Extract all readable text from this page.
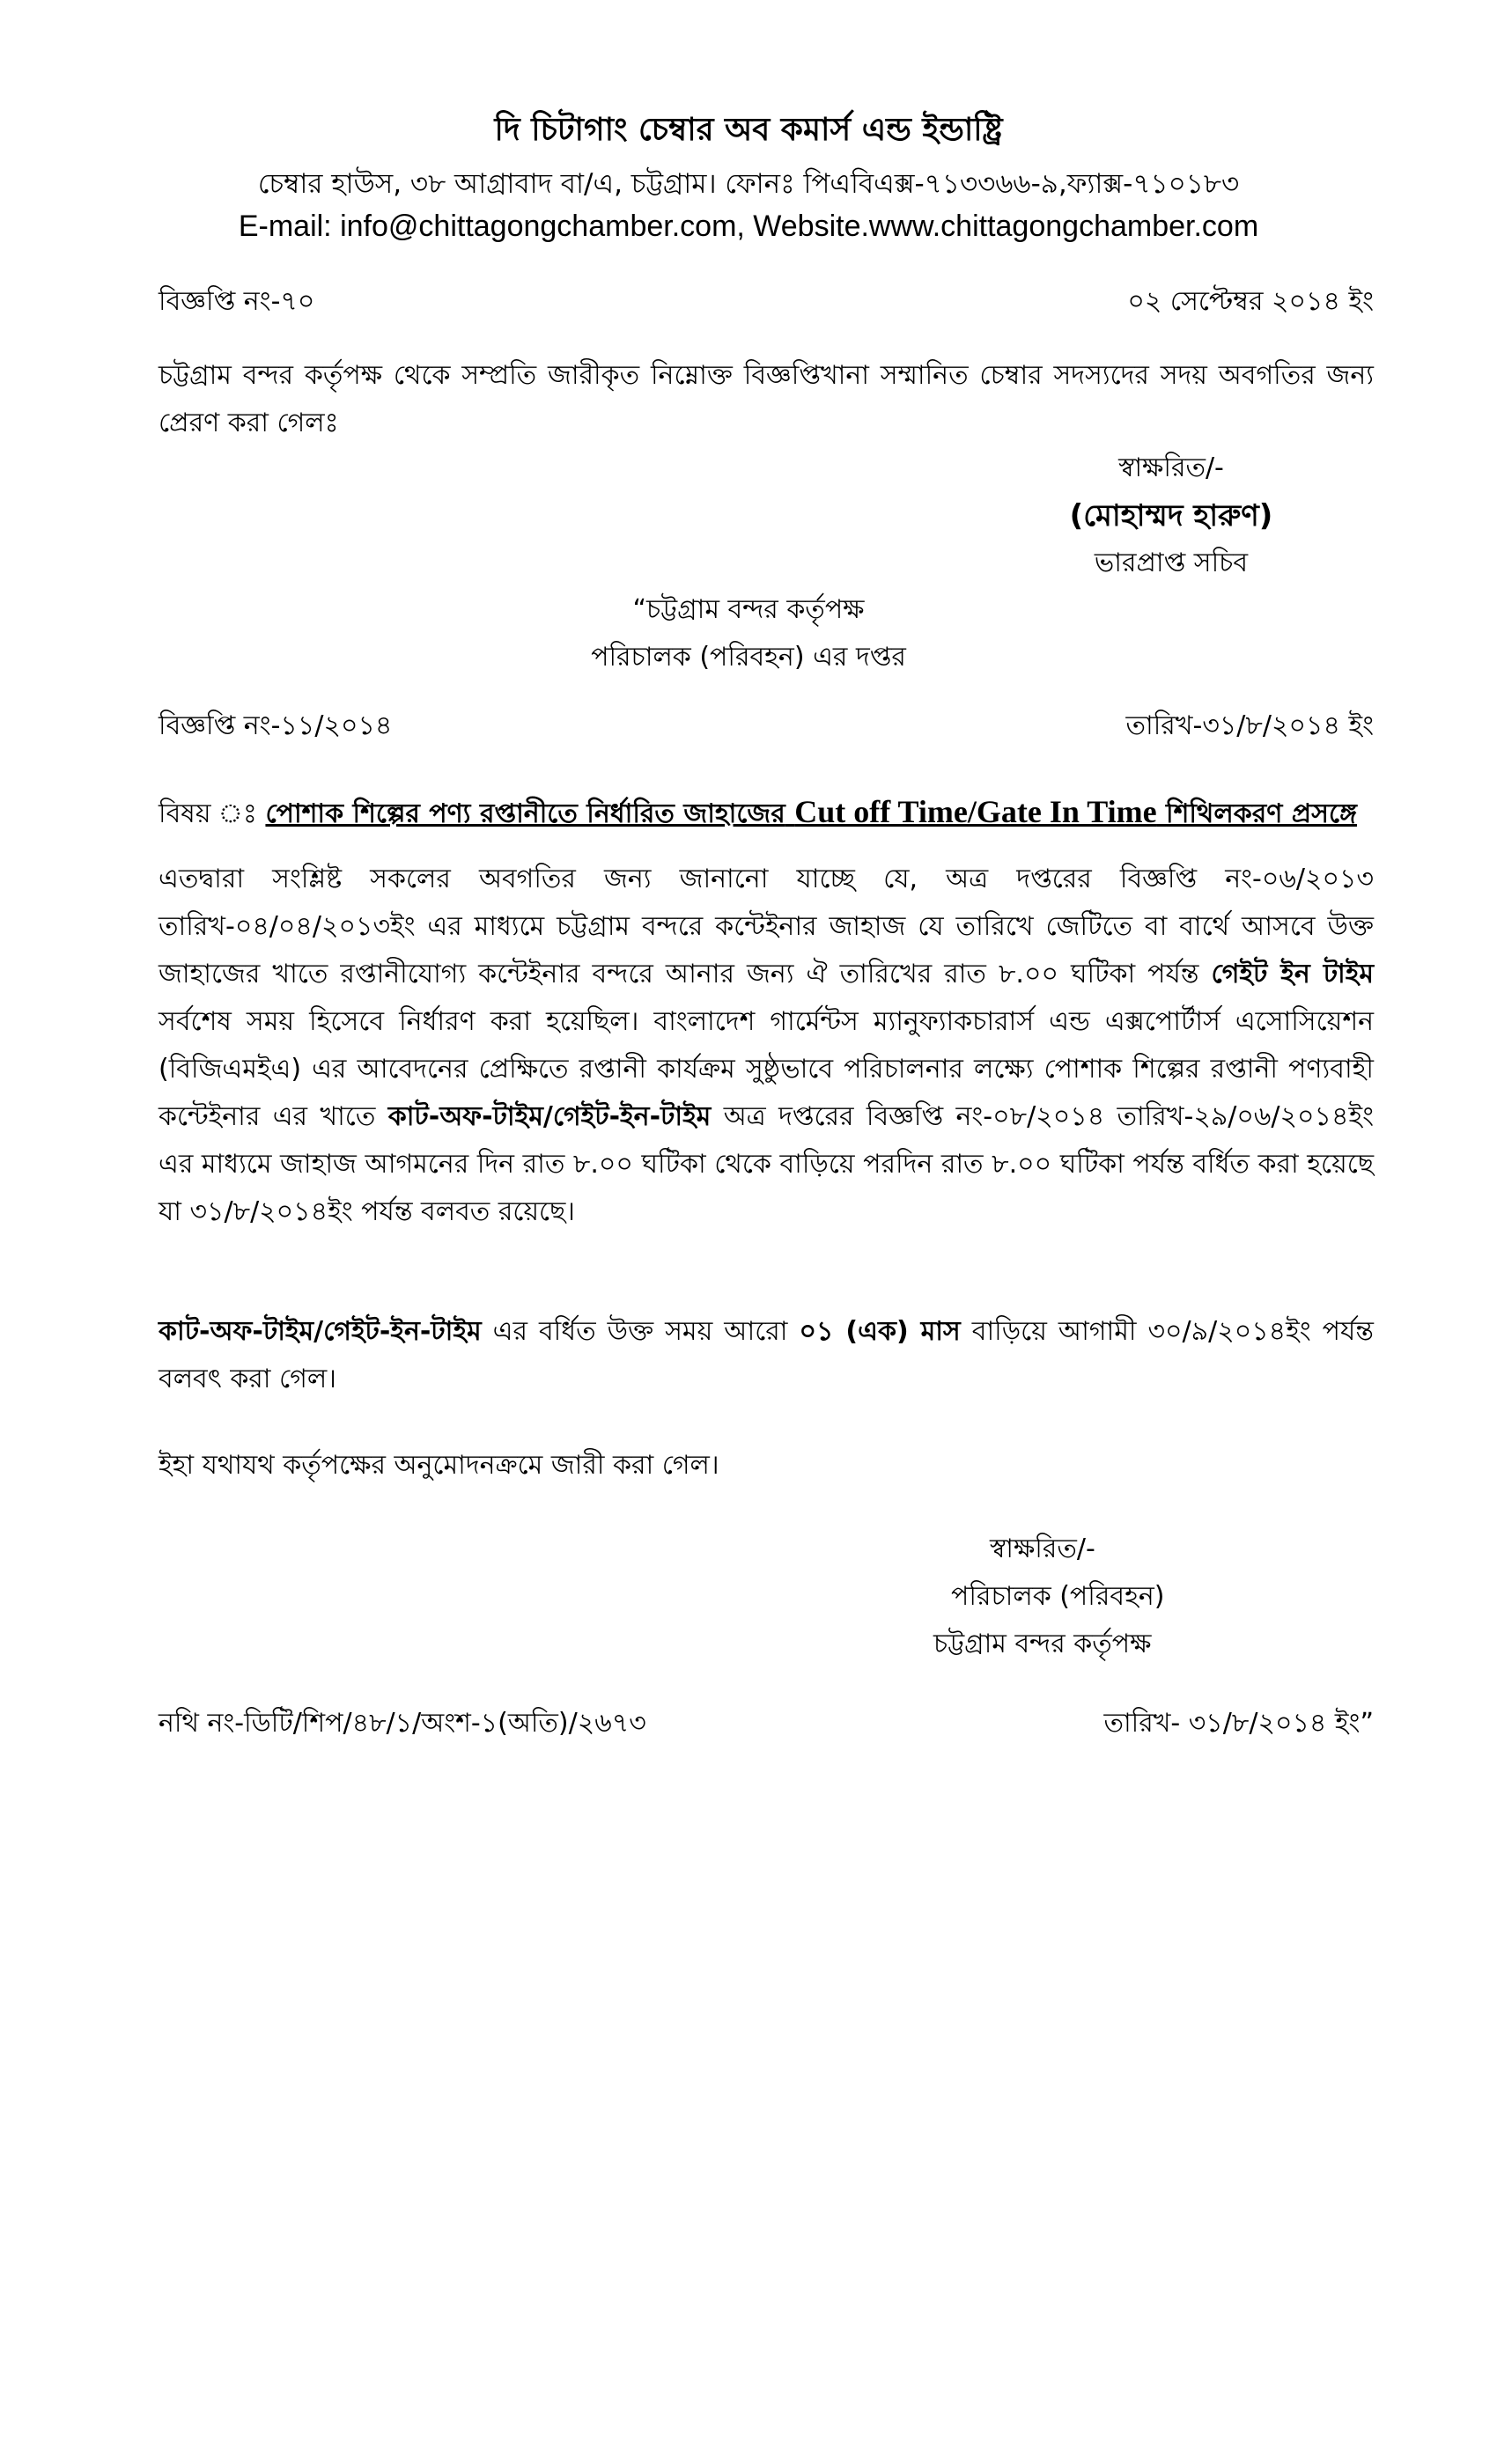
দি চিটাগাং চেম্বার অব কমার্স এন্ড ইন্ডাষ্ট্রি
চেম্বার হাউস, ৩৮ আগ্রাবাদ বা/এ, চট্টগ্রাম। ফোনঃ পিএবিএক্স-৭১৩৩৬৬-৯,ফ্যাক্স-৭১০১৮৩
E-mail: info@chittagongchamber.com, Website.www.chittagongchamber.com
বিজ্ঞপ্তি নং-৭০	০২ সেপ্টেম্বর ২০১৪ ইং
চট্টগ্রাম বন্দর কর্তৃপক্ষ থেকে সম্প্রতি জারীকৃত নিম্নোক্ত বিজ্ঞপ্তিখানা সম্মানিত চেম্বার সদস্যদের সদয় অবগতির জন্য প্রেরণ করা গেলঃ
স্বাক্ষরিত/-
(মোহাম্মদ হারুণ)
ভারপ্রাপ্ত সচিব
“চট্টগ্রাম বন্দর কর্তৃপক্ষ
পরিচালক (পরিবহন) এর দপ্তর
বিজ্ঞপ্তি নং-১১/২০১৪	তারিখ-৩১/৮/২০১৪ ইং
বিষয় ঃ পোশাক শিল্পের পণ্য রপ্তানীতে নির্ধারিত জাহাজের Cut off Time/Gate In Time শিথিলকরণ প্রসঙ্গে
এতদ্বারা সংশ্লিষ্ট সকলের অবগতির জন্য জানানো যাচ্ছে যে, অত্র দপ্তরের বিজ্ঞপ্তি নং-০৬/২০১৩ তারিখ-০৪/০৪/২০১৩ইং এর মাধ্যমে চট্টগ্রাম বন্দরে কন্টেইনার জাহাজ যে তারিখে জেটিতে বা বার্থে আসবে উক্ত জাহাজের খাতে রপ্তানীযোগ্য কন্টেইনার বন্দরে আনার জন্য ঐ তারিখের রাত ৮.০০ ঘটিকা পর্যন্ত গেইট ইন টাইম সর্বশেষ সময় হিসেবে নির্ধারণ করা হয়েছিল। বাংলাদেশ গার্মেন্টস ম্যানুফ্যাকচারার্স এন্ড এক্সপোর্টার্স এসোসিয়েশন (বিজিএমইএ) এর আবেদনের প্রেক্ষিতে রপ্তানী কার্যক্রম সুষ্ঠুভাবে পরিচালনার লক্ষ্যে পোশাক শিল্পের রপ্তানী পণ্যবাহী কন্টেইনার এর খাতে কাট-অফ-টাইম/গেইট-ইন-টাইম অত্র দপ্তরের বিজ্ঞপ্তি নং-০৮/২০১৪ তারিখ-২৯/০৬/২০১৪ইং এর মাধ্যমে জাহাজ আগমনের দিন রাত ৮.০০ ঘটিকা থেকে বাড়িয়ে পরদিন রাত ৮.০০ ঘটিকা পর্যন্ত বর্ধিত করা হয়েছে যা ৩১/৮/২০১৪ইং পর্যন্ত বলবত রয়েছে।
কাট-অফ-টাইম/গেইট-ইন-টাইম এর বর্ধিত উক্ত সময় আরো ০১ (এক) মাস বাড়িয়ে আগামী ৩০/৯/২০১৪ইং পর্যন্ত বলবৎ করা গেল।
ইহা যথাযথ কর্তৃপক্ষের অনুমোদনক্রমে জারী করা গেল।
স্বাক্ষরিত/-
পরিচালক (পরিবহন)
চট্টগ্রাম বন্দর কর্তৃপক্ষ
নথি নং-ডিটি/শিপ/৪৮/১/অংশ-১(অতি)/২৬৭৩	তারিখ- ৩১/৮/২০১৪ ইং”
